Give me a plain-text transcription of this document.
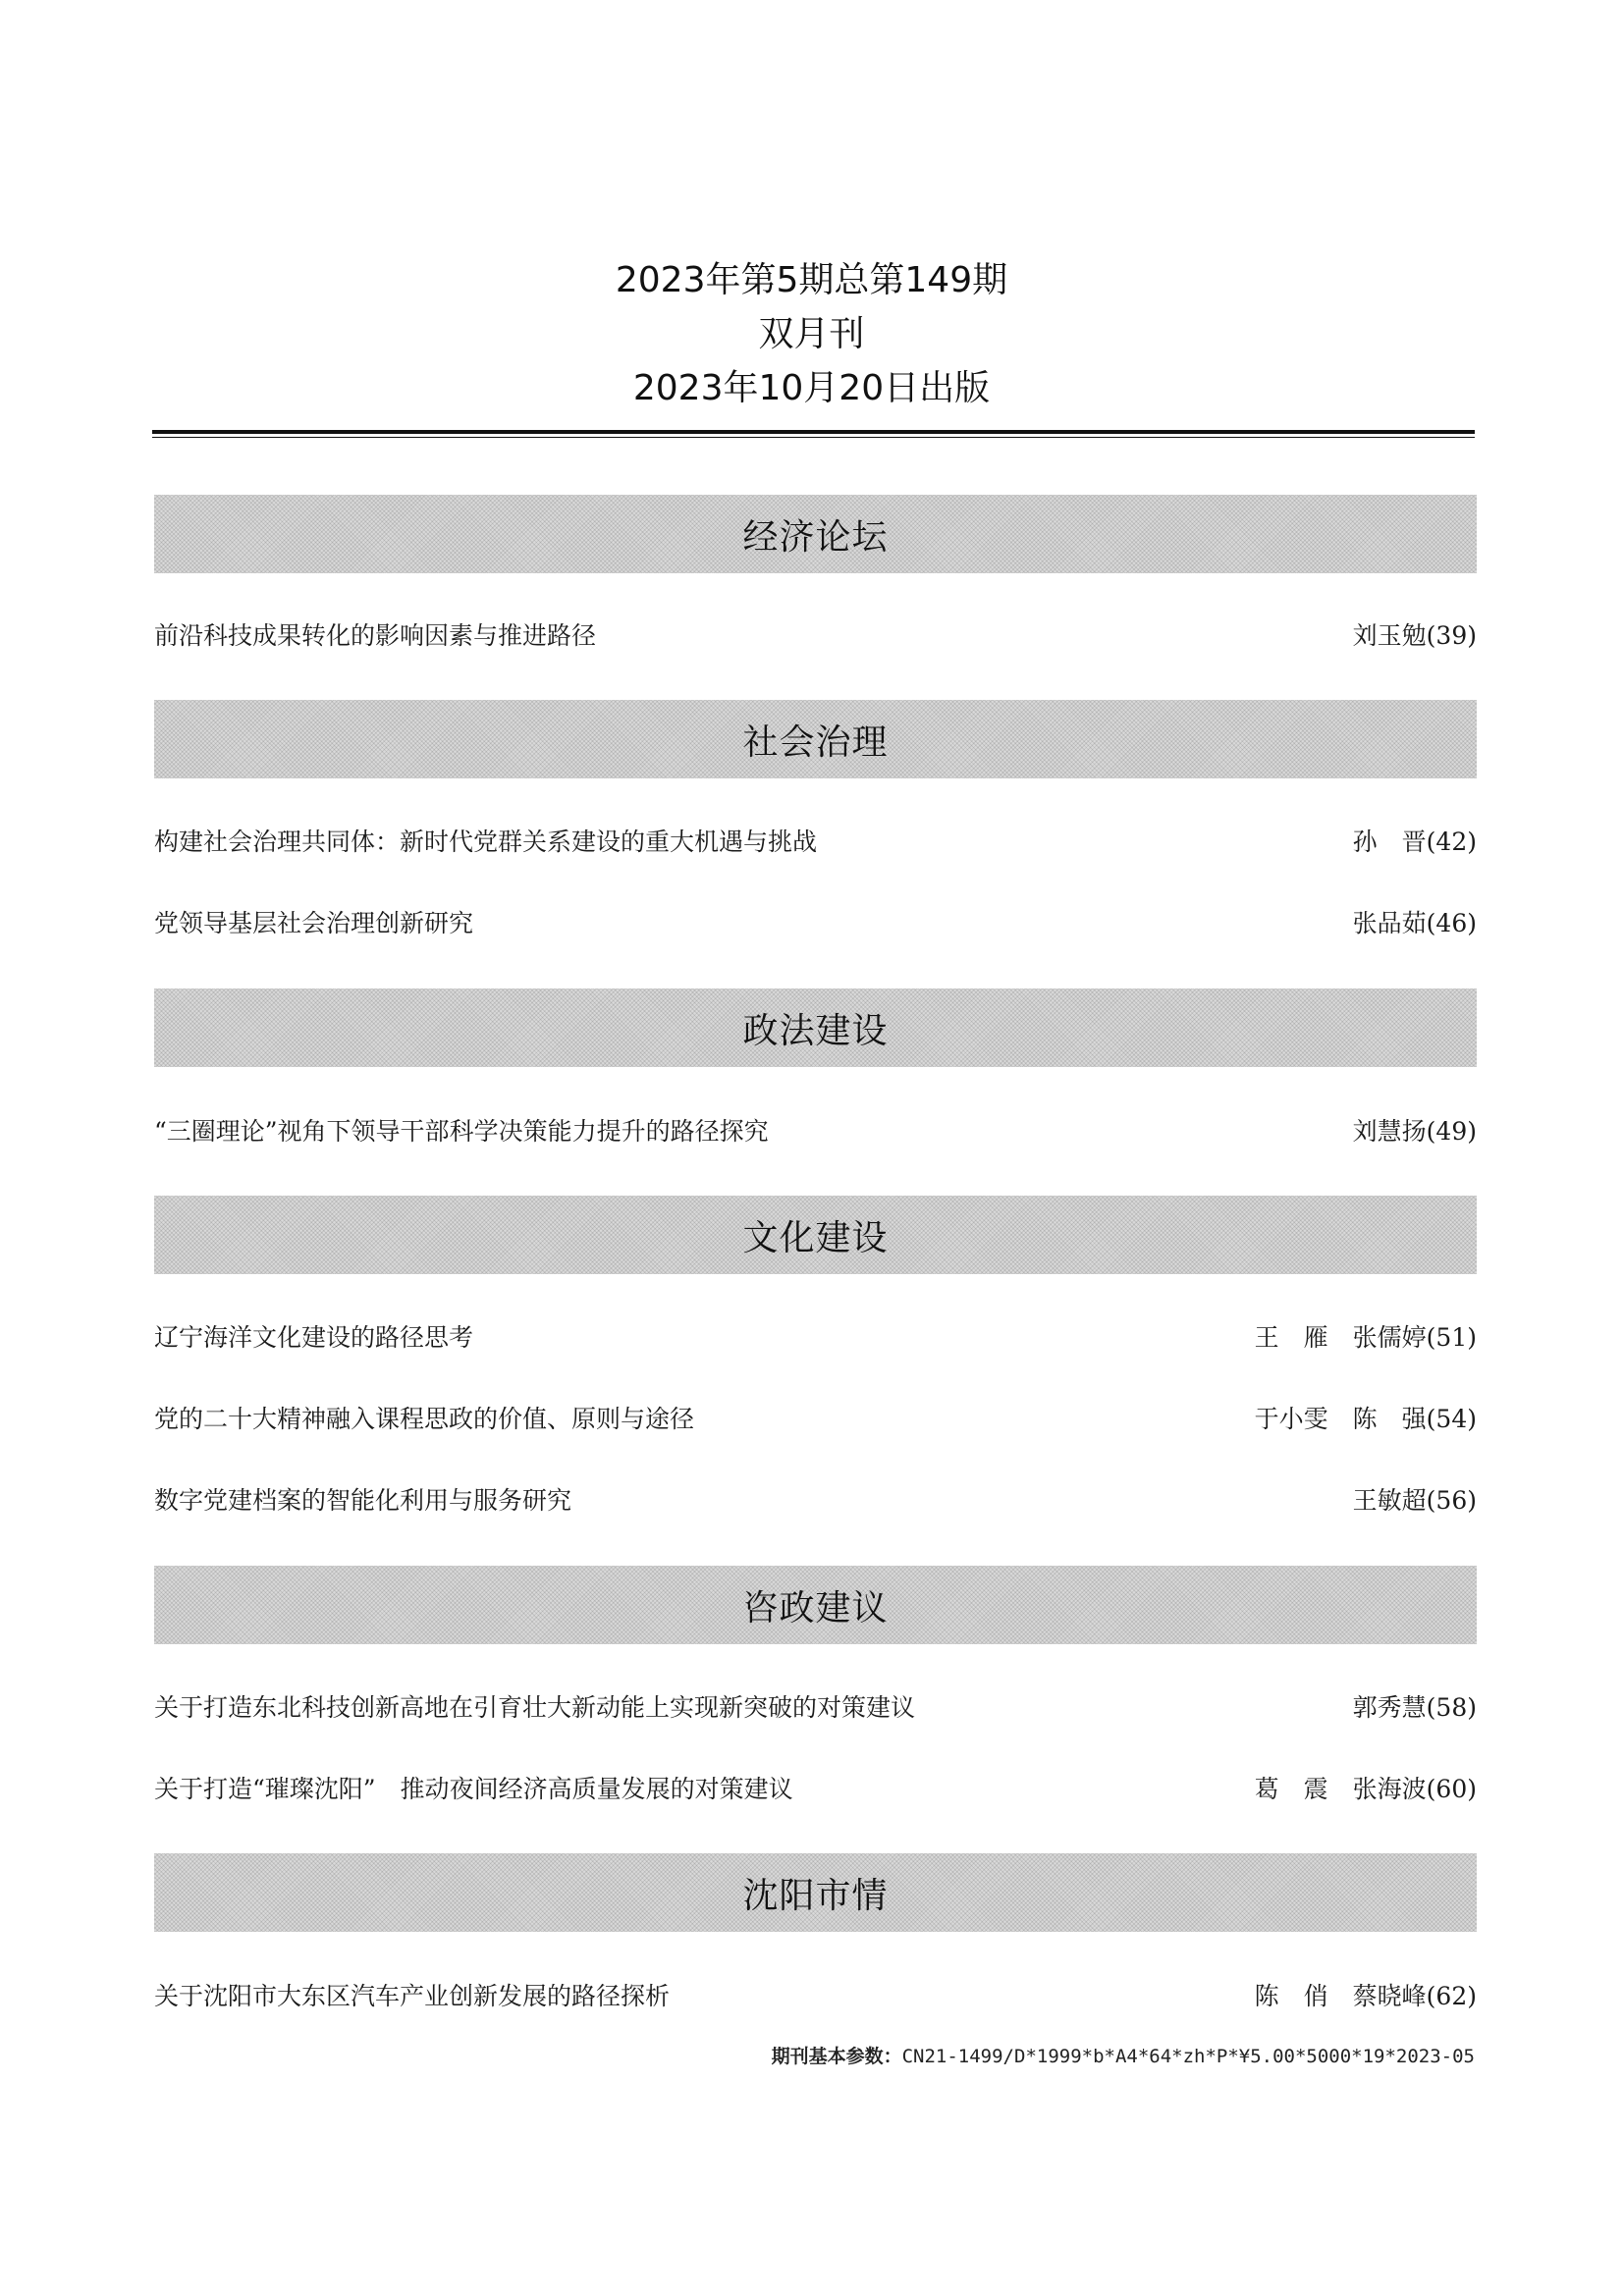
2023年第5期总第149期
双月刊
2023年10月20日出版
经济论坛
前沿科技成果转化的影响因素与推进路径	刘玉勉(39)
社会治理
构建社会治理共同体：新时代党群关系建设的重大机遇与挑战	孙　晋(42)
党领导基层社会治理创新研究	张品茹(46)
政法建设
“三圈理论”视角下领导干部科学决策能力提升的路径探究	刘慧扬(49)
文化建设
辽宁海洋文化建设的路径思考	王　雁　张儒婷(51)
党的二十大精神融入课程思政的价值、原则与途径	于小雯　陈　强(54)
数字党建档案的智能化利用与服务研究	王敏超(56)
咨政建议
关于打造东北科技创新高地在引育壮大新动能上实现新突破的对策建议	郭秀慧(58)
关于打造“璀璨沈阳”　推动夜间经济高质量发展的对策建议	葛　震　张海波(60)
沈阳市情
关于沈阳市大东区汽车产业创新发展的路径探析	陈　俏　蔡晓峰(62)
期刊基本参数：CN21-1499/D*1999*b*A4*64*zh*P*¥5.00*5000*19*2023-05
